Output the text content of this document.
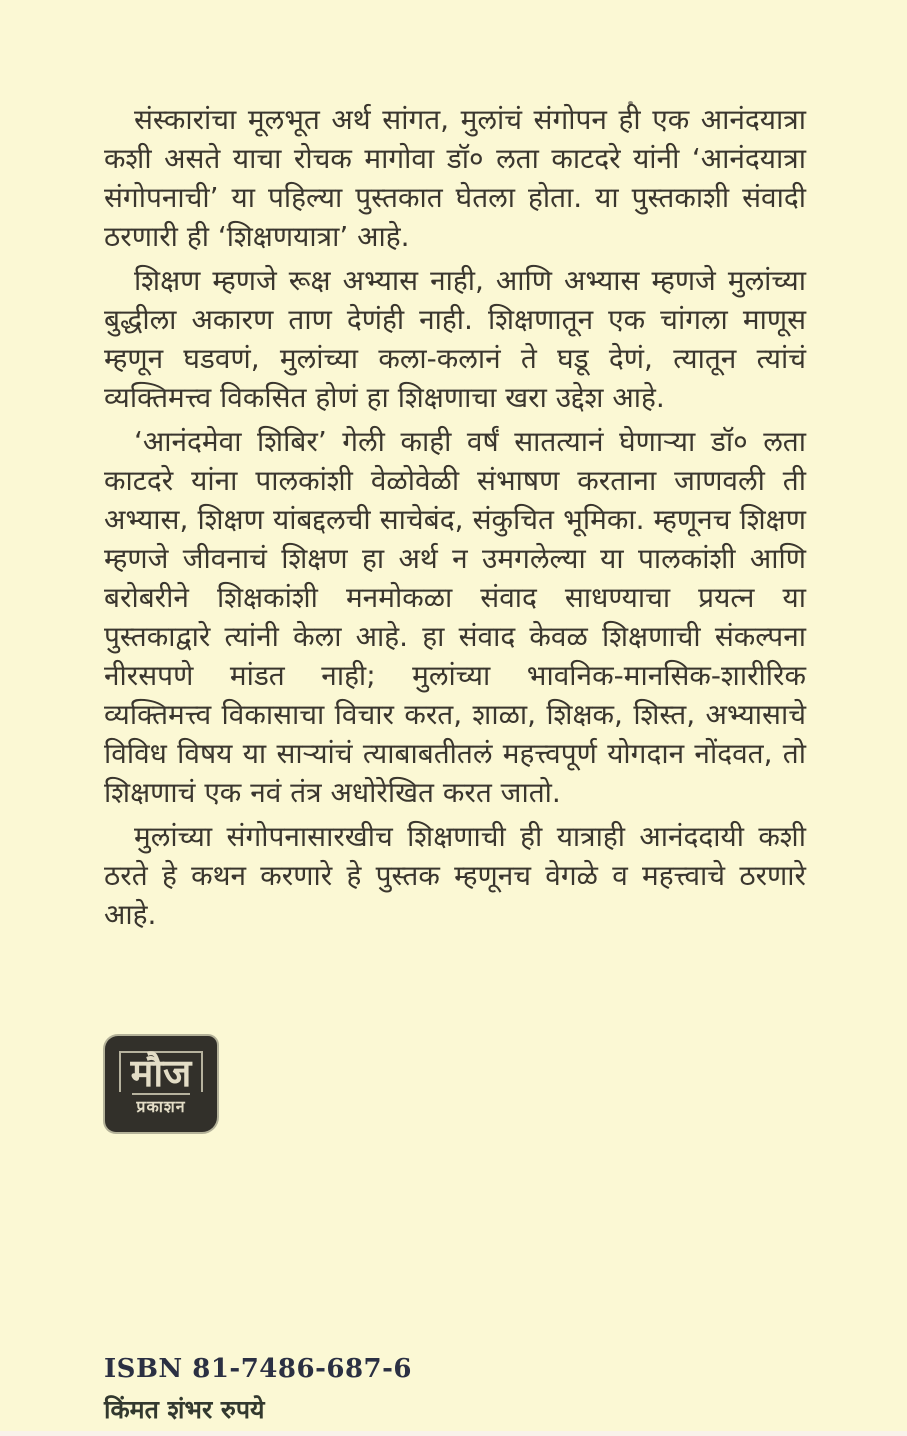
संस्कारांचा मूलभूत अर्थ सांगत, मुलांचं संगोपन ही एक आनंदयात्रा कशी असते याचा रोचक मागोवा डॉ० लता काटदरे यांनी ‘आनंदयात्रा संगोपनाची’ या पहिल्या पुस्तकात घेतला होता. या पुस्तकाशी संवादी ठरणारी ही ‘शिक्षणयात्रा’ आहे.

शिक्षण म्हणजे रूक्ष अभ्यास नाही, आणि अभ्यास म्हणजे मुलांच्या बुद्धीला अकारण ताण देणंही नाही. शिक्षणातून एक चांगला माणूस म्हणून घडवणं, मुलांच्या कला-कलानं ते घडू देणं, त्यातून त्यांचं व्यक्तिमत्त्व विकसित होणं हा शिक्षणाचा खरा उद्देश आहे.

‘आनंदमेवा शिबिर’ गेली काही वर्षं सातत्यानं घेणाऱ्या डॉ० लता काटदरे यांना पालकांशी वेळोवेळी संभाषण करताना जाणवली ती अभ्यास, शिक्षण यांबद्दलची साचेबंद, संकुचित भूमिका. म्हणूनच शिक्षण म्हणजे जीवनाचं शिक्षण हा अर्थ न उमगलेल्या या पालकांशी आणि बरोबरीने शिक्षकांशी मनमोकळा संवाद साधण्याचा प्रयत्न या पुस्तकाद्वारे त्यांनी केला आहे. हा संवाद केवळ शिक्षणाची संकल्पना नीरसपणे मांडत नाही; मुलांच्या भावनिक-मानसिक-शारीरिक व्यक्तिमत्त्व विकासाचा विचार करत, शाळा, शिक्षक, शिस्त, अभ्यासाचे विविध विषय या साऱ्यांचं त्याबाबतीतलं महत्त्वपूर्ण योगदान नोंदवत, तो शिक्षणाचं एक नवं तंत्र अधोरेखित करत जातो.

मुलांच्या संगोपनासारखीच शिक्षणाची ही यात्राही आनंददायी कशी ठरते हे कथन करणारे हे पुस्तक म्हणूनच वेगळे व महत्त्वाचे ठरणारे आहे.

मौज
प्रकाशन
ISBN 81-7486-687-6
किंमत शंभर रुपये
